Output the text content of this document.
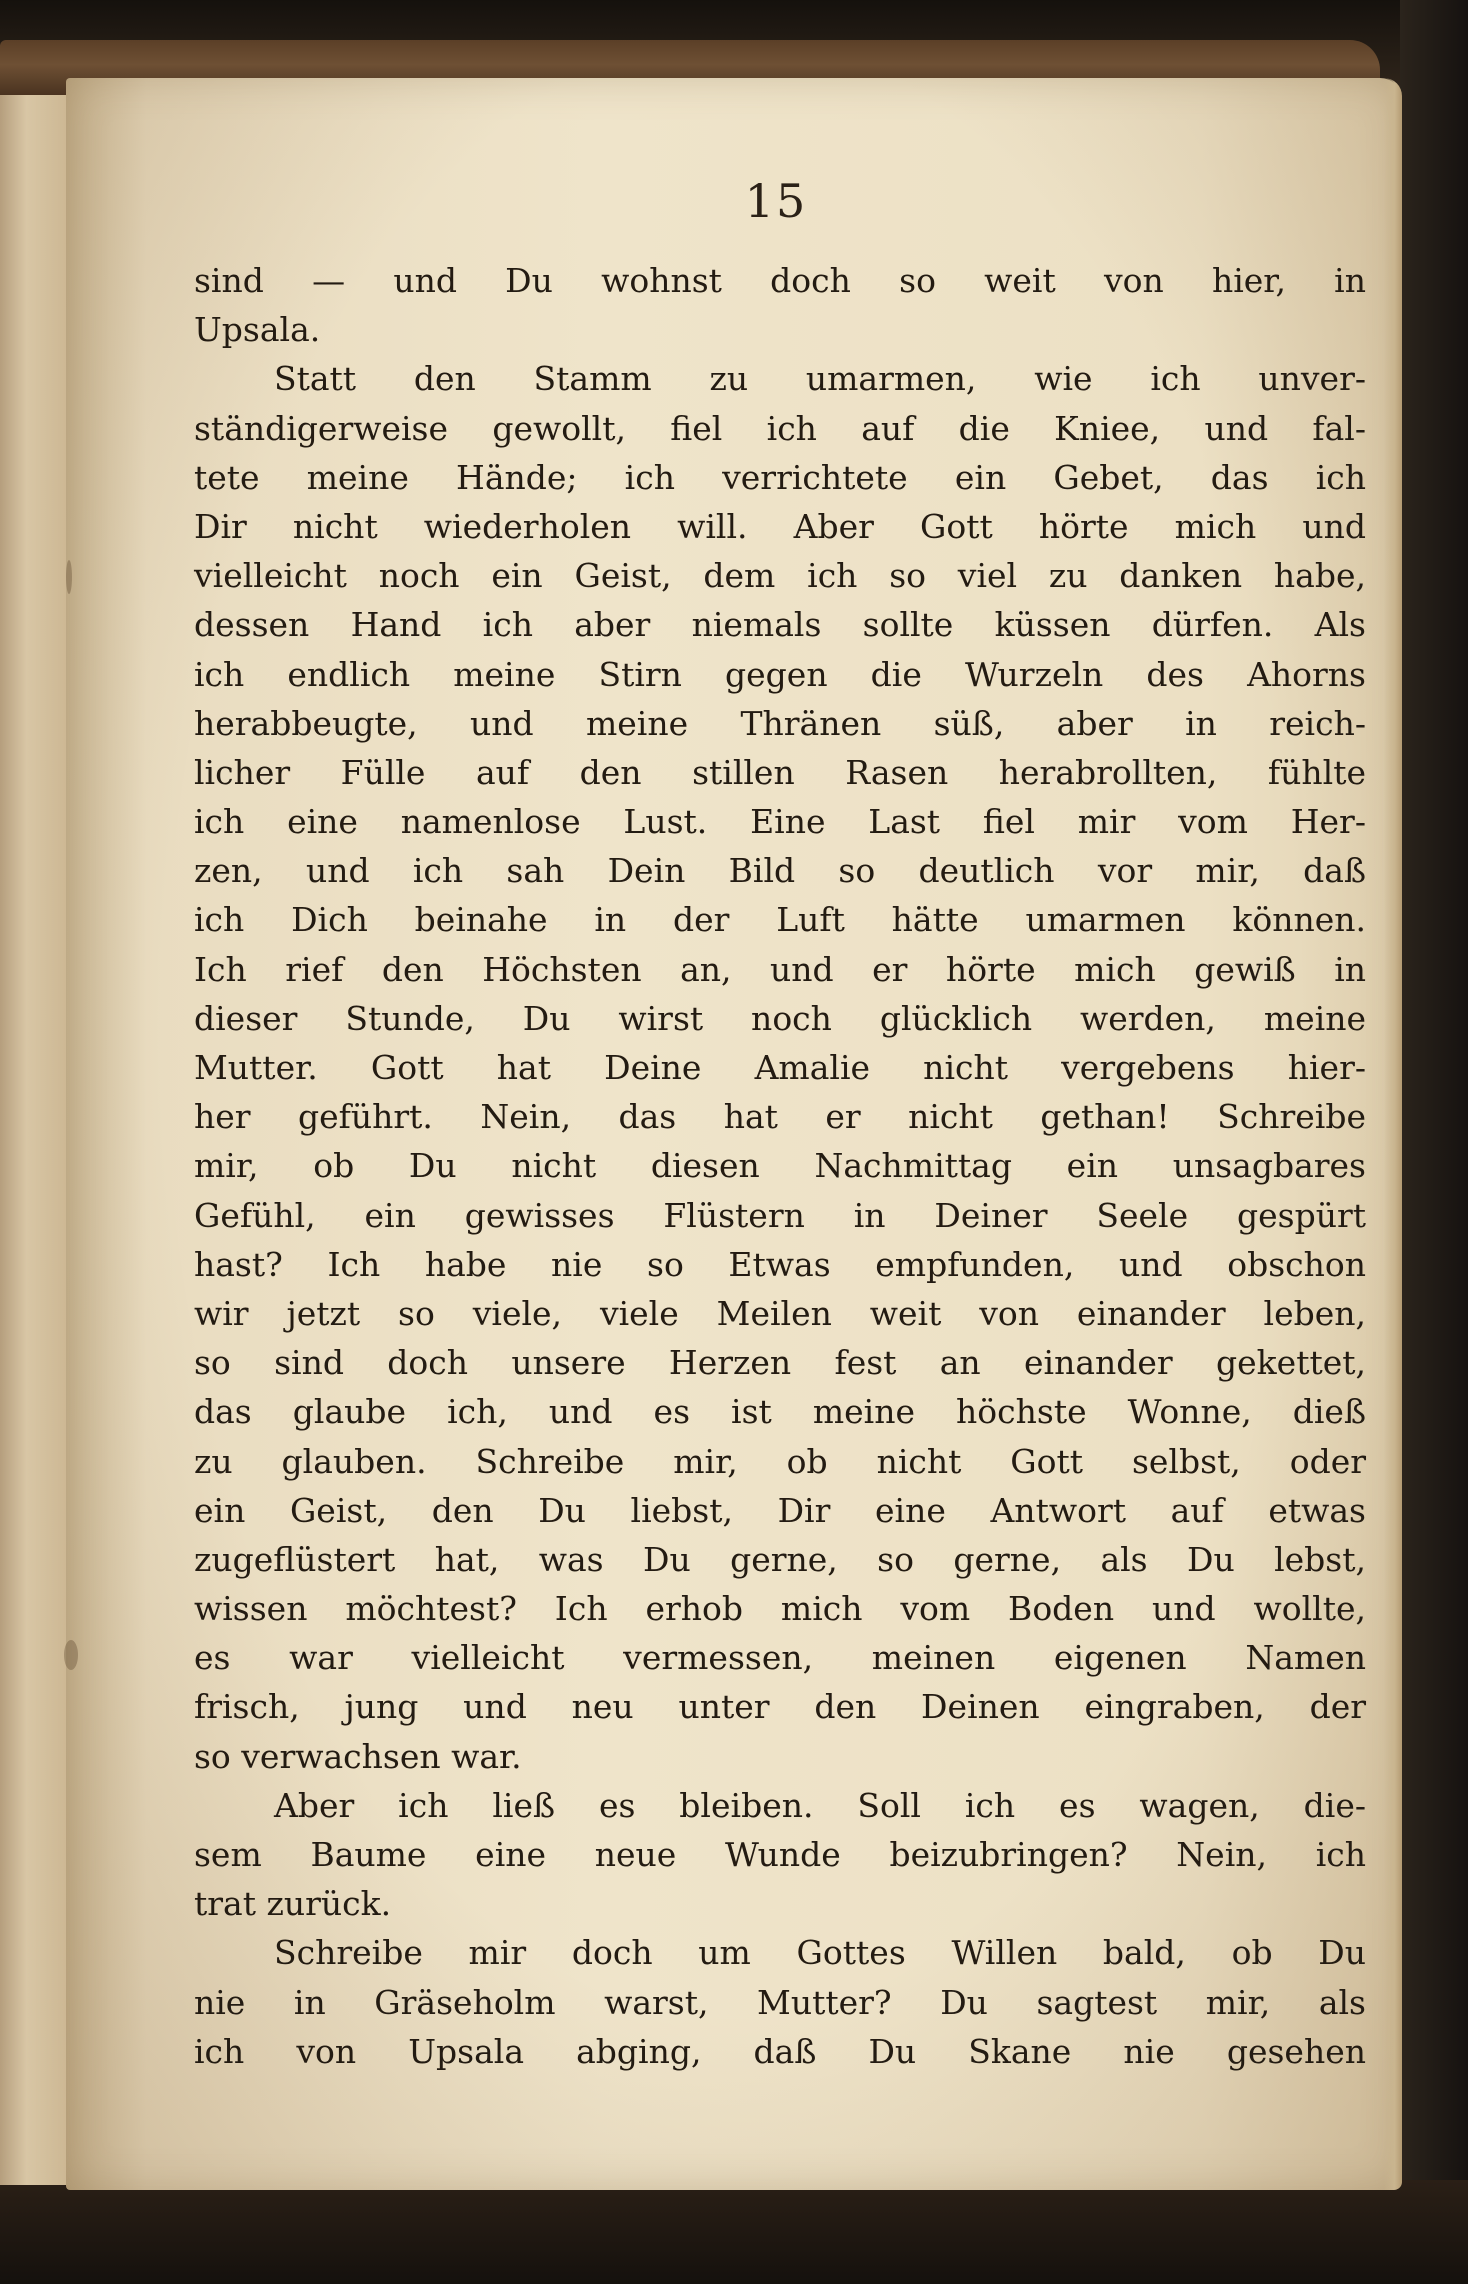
15
sind — und Du wohnst doch so weit von hier, in
Upsala.
Statt den Stamm zu umarmen, wie ich unver-
ständigerweise gewollt, fiel ich auf die Kniee, und fal-
tete meine Hände; ich verrichtete ein Gebet, das ich
Dir nicht wiederholen will. Aber Gott hörte mich und
vielleicht noch ein Geist, dem ich so viel zu danken habe,
dessen Hand ich aber niemals sollte küssen dürfen. Als
ich endlich meine Stirn gegen die Wurzeln des Ahorns
herabbeugte, und meine Thränen süß, aber in reich-
licher Fülle auf den stillen Rasen herabrollten, fühlte
ich eine namenlose Lust. Eine Last fiel mir vom Her-
zen, und ich sah Dein Bild so deutlich vor mir, daß
ich Dich beinahe in der Luft hätte umarmen können.
Ich rief den Höchsten an, und er hörte mich gewiß in
dieser Stunde, Du wirst noch glücklich werden, meine
Mutter. Gott hat Deine Amalie nicht vergebens hier-
her geführt. Nein, das hat er nicht gethan! Schreibe
mir, ob Du nicht diesen Nachmittag ein unsagbares
Gefühl, ein gewisses Flüstern in Deiner Seele gespürt
hast? Ich habe nie so Etwas empfunden, und obschon
wir jetzt so viele, viele Meilen weit von einander leben,
so sind doch unsere Herzen fest an einander gekettet,
das glaube ich, und es ist meine höchste Wonne, dieß
zu glauben. Schreibe mir, ob nicht Gott selbst, oder
ein Geist, den Du liebst, Dir eine Antwort auf etwas
zugeflüstert hat, was Du gerne, so gerne, als Du lebst,
wissen möchtest? Ich erhob mich vom Boden und wollte,
es war vielleicht vermessen, meinen eigenen Namen
frisch, jung und neu unter den Deinen eingraben, der
so verwachsen war.
Aber ich ließ es bleiben. Soll ich es wagen, die-
sem Baume eine neue Wunde beizubringen? Nein, ich
trat zurück.
Schreibe mir doch um Gottes Willen bald, ob Du
nie in Gräseholm warst, Mutter? Du sagtest mir, als
ich von Upsala abging, daß Du Skane nie gesehen
